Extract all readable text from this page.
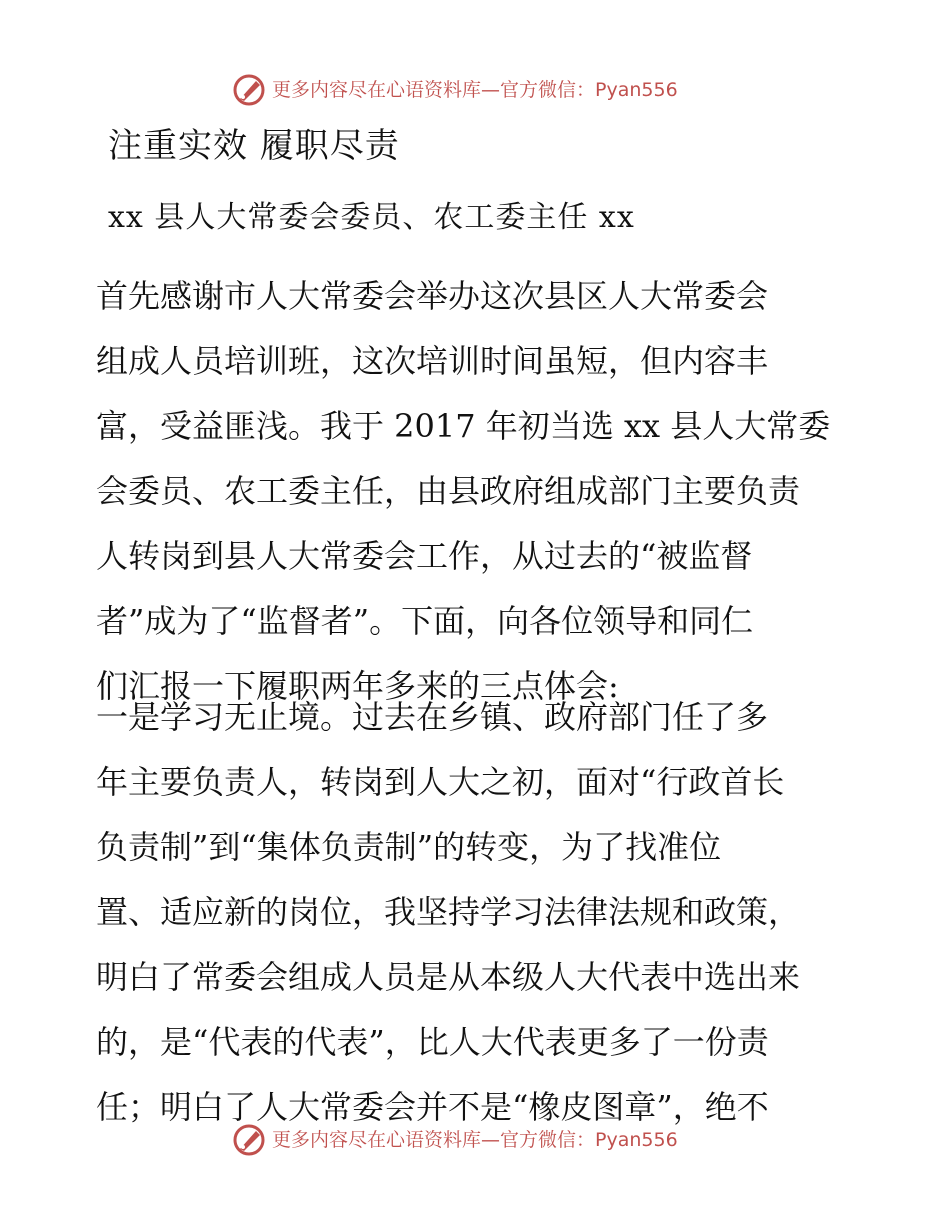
更多内容尽在心语资料库—官方微信：Pyan556
注重实效 履职尽责
xx 县人大常委会委员、农工委主任 xx
首先感谢市人大常委会举办这次县区人大常委会
组成人员培训班，这次培训时间虽短，但内容丰
富，受益匪浅。我于 2017 年初当选 xx 县人大常委
会委员、农工委主任，由县政府组成部门主要负责
人转岗到县人大常委会工作，从过去的“被监督
者”成为了“监督者”。下面，向各位领导和同仁
们汇报一下履职两年多来的三点体会:
一是学习无止境。过去在乡镇、政府部门任了多
年主要负责人，转岗到人大之初，面对“行政首长
负责制”到“集体负责制”的转变，为了找准位
置、适应新的岗位，我坚持学习法律法规和政策，
明白了常委会组成人员是从本级人大代表中选出来
的，是“代表的代表”，比人大代表更多了一份责
任；明白了人大常委会并不是“橡皮图章”，绝不
更多内容尽在心语资料库—官方微信：Pyan556
